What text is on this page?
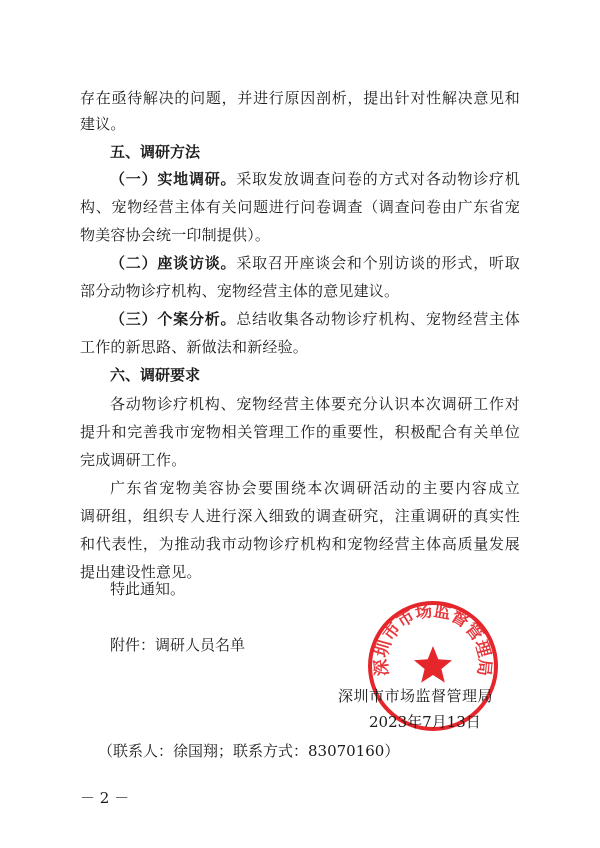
存在亟待解决的问题，并进行原因剖析，提出针对性解决意见和
建议。
五、调研方法
（一）实地调研。采取发放调查问卷的方式对各动物诊疗机
构、宠物经营主体有关问题进行问卷调查（调查问卷由广东省宠
物美容协会统一印制提供）。
（二）座谈访谈。采取召开座谈会和个别访谈的形式，听取
部分动物诊疗机构、宠物经营主体的意见建议。
（三）个案分析。总结收集各动物诊疗机构、宠物经营主体
工作的新思路、新做法和新经验。
六、调研要求
各动物诊疗机构、宠物经营主体要充分认识本次调研工作对
提升和完善我市宠物相关管理工作的重要性，积极配合有关单位
完成调研工作。
广东省宠物美容协会要围绕本次调研活动的主要内容成立
调研组，组织专人进行深入细致的调查研究，注重调研的真实性
和代表性，为推动我市动物诊疗机构和宠物经营主体高质量发展
提出建设性意见。
特此通知。
附件：调研人员名单
深圳市市场监督管理局
深圳市市场监督管理局
2023年7月13日
（联系人：徐国翔；联系方式：83070160）
－ 2 －
